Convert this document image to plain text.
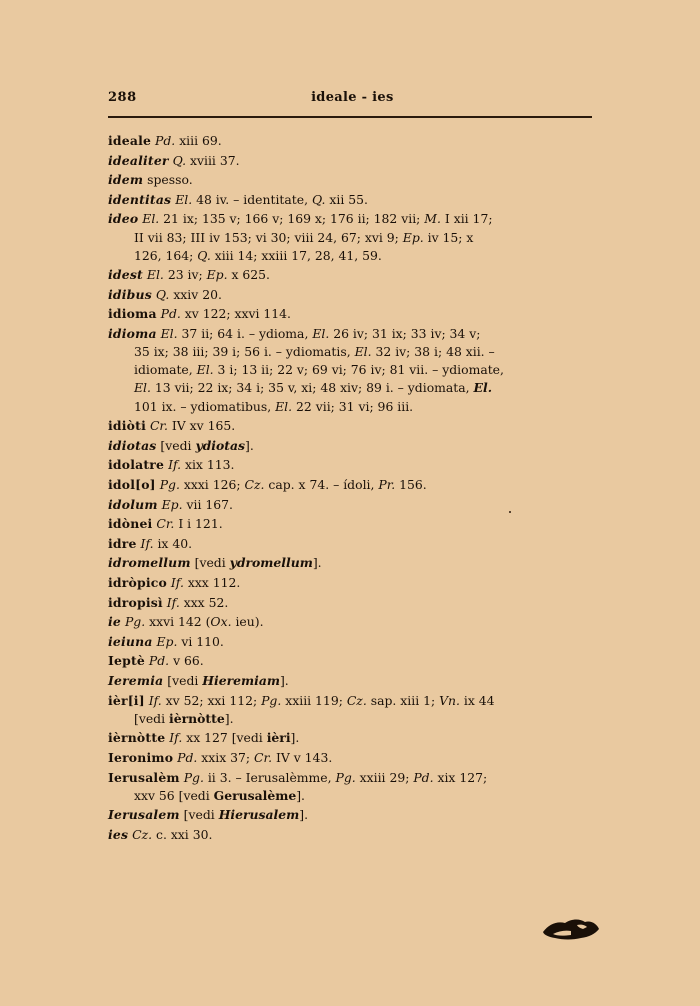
288	ideale - ies
ideale Pd. xiii 69.
idealiter Q. xviii 37.
idem spesso.
identitas El. 48 iv. – identitate, Q. xii 55.
ideo El. 21 ix; 135 v; 166 v; 169 x; 176 ii; 182 vii; M. I xii 17;
II vii 83; III iv 153; vi 30; viii 24, 67; xvi 9; Ep. iv 15; x
126, 164; Q. xiii 14; xxiii 17, 28, 41, 59.
idest El. 23 iv; Ep. x 625.
idibus Q. xxiv 20.
idioma Pd. xv 122; xxvi 114.
idioma El. 37 ii; 64 i. – ydioma, El. 26 iv; 31 ix; 33 iv; 34 v;
35 ix; 38 iii; 39 i; 56 i. – ydiomatis, El. 32 iv; 38 i; 48 xii. –
idiomate, El. 3 i; 13 ii; 22 v; 69 vi; 76 iv; 81 vii. – ydiomate,
El. 13 vii; 22 ix; 34 i; 35 v, xi; 48 xiv; 89 i. – ydiomata, El.
101 ix. – ydiomatibus, El. 22 vii; 31 vi; 96 iii.
idiòti Cr. IV xv 165.
idiotas [vedi ydiotas].
idolatre If. xix 113.
idol[o] Pg. xxxi 126; Cz. cap. x 74. – ídoli, Pr. 156.
idolum Ep. vii 167.
idònei Cr. I i 121.
idre If. ix 40.
idromellum [vedi ydromellum].
idròpico If. xxx 112.
idropisì If. xxx 52.
ie Pg. xxvi 142 (Ox. ieu).
ieiuna Ep. vi 110.
Ieptè Pd. v 66.
Ieremia [vedi Hieremiam].
ièr[i] If. xv 52; xxi 112; Pg. xxiii 119; Cz. sap. xiii 1; Vn. ix 44
[vedi ièrnòtte].
ièrnòtte If. xx 127 [vedi ièri].
Ieronimo Pd. xxix 37; Cr. IV v 143.
Ierusalèm Pg. ii 3. – Ierusalèmme, Pg. xxiii 29; Pd. xix 127;
xxv 56 [vedi Gerusalème].
Ierusalem [vedi Hierusalem].
ies Cz. c. xxi 30.
